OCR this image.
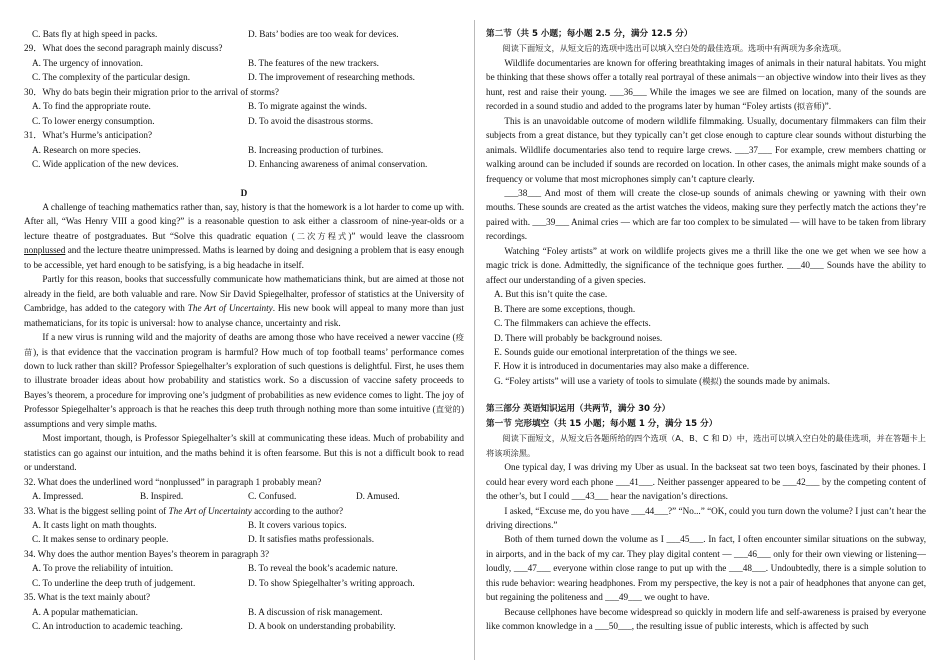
C. Bats fly at high speed in packs.	D. Bats’ bodies are too weak for devices.

29．What does the second paragraph mainly discuss?

A. The urgency of innovation.	B. The features of the new trackers.
C. The complexity of the particular design.	D. The improvement of researching methods.

30．Why do bats begin their migration prior to the arrival of storms?

A. To find the appropriate route.	B. To migrate against the winds.
C. To lower energy consumption.	D. To avoid the disastrous storms.

31．What’s Hurme’s anticipation?

A. Research on more species.	B. Increasing production of turbines.
C. Wide application of the new devices.	D. Enhancing awareness of animal conservation.

D

A challenge of teaching mathematics rather than, say, history is that the homework is a lot harder to come up with. After all, “Was Henry VIII a good king?” is a reasonable question to ask either a classroom of nine-year-olds or a lecture theatre of postgraduates. But “Solve this quadratic equation (二次方程式)” would leave the classroom nonplussed and the lecture theatre unimpressed. Maths is learned by doing and designing a problem that is easy enough to be accessible, yet hard enough to be satisfying, is a big headache in itself.

Partly for this reason, books that successfully communicate how mathematicians think, but are aimed at those not already in the field, are both valuable and rare. Now Sir David Spiegelhalter, professor of statistics at the University of Cambridge, has added to the category with The Art of Uncertainty. His new book will appeal to many more than just mathematicians, for its topic is universal: how to analyse chance, uncertainty and risk.

If a new virus is running wild and the majority of deaths are among those who have received a newer vaccine (疫苗), is that evidence that the vaccination program is harmful? How much of top football teams’ performance comes down to luck rather than skill? Professor Spiegelhalter’s exploration of such questions is delightful. First, he uses them to illustrate broader ideas about how probability and statistics work. So a discussion of vaccine safety proceeds to Bayes’s theorem, a procedure for improving one’s judgment of probabilities as new evidence comes to light. The joy of Professor Spiegelhalter’s approach is that he reaches this deep truth through nothing more than some intuitive (直觉的) assumptions and very simple maths.

Most important, though, is Professor Spiegelhalter’s skill at communicating these ideas. Much of probability and statistics can go against our intuition, and the maths behind it is often fearsome. But this is not a difficult book to read or understand.

32. What does the underlined word “nonplussed” in paragraph 1 probably mean?

A. Impressed.	B. Inspired.	C. Confused.	D. Amused.

33. What is the biggest selling point of The Art of Uncertainty according to the author?

A. It casts light on math thoughts.	B. It covers various topics.
C. It makes sense to ordinary people.	D. It satisfies maths professionals.

34. Why does the author mention Bayes’s theorem in paragraph 3?

A. To prove the reliability of intuition.	B. To reveal the book’s academic nature.
C. To underline the deep truth of judgement.	D. To show Spiegelhalter’s writing approach.

35. What is the text mainly about?

A. A popular mathematician.	B. A discussion of risk management.
C. An introduction to academic teaching.	D. A book on understanding probability.

第二节（共 5 小题；每小题 2.5 分，满分 12.5 分）

阅读下面短文，从短文后的选项中选出可以填入空白处的最佳选项。选项中有两项为多余选项。

Wildlife documentaries are known for offering breathtaking images of animals in their natural habitats. You might be thinking that these shows offer a totally real portrayal of these animals－an objective window into their lives as they hunt, rest and raise their young. ___36___ While the images we see are filmed on location, many of the sounds are recorded in a sound studio and added to the programs later by human “Foley artists (拟音师)”.

This is an unavoidable outcome of modern wildlife filmmaking. Usually, documentary filmmakers can film their subjects from a great distance, but they typically can’t get close enough to capture clear sounds without disturbing the animals. Wildlife documentaries also tend to require large crews. ___37___ For example, crew members chatting or walking around can be included if sounds are recorded on location. In other cases, the animals might make sounds of a frequency or volume that most microphones simply can’t capture clearly.

___38___ And most of them will create the close-up sounds of animals chewing or yawning with their own mouths. These sounds are created as the artist watches the videos, making sure they perfectly match the actions they’re paired with. ___39___ Animal cries — which are far too complex to be simulated — will have to be taken from library recordings.

Watching “Foley artists” at work on wildlife projects gives me a thrill like the one we get when we see how a magic trick is done. Admittedly, the significance of the technique goes further. ___40___ Sounds have the ability to affect our understanding of a given species.

A. But this isn’t quite the case.

B. There are some exceptions, though.

C. The filmmakers can achieve the effects.

D. There will probably be background noises.

E. Sounds guide our emotional interpretation of the things we see.

F. How it is introduced in documentaries may also make a difference.

G. “Foley artists” will use a variety of tools to simulate (模拟) the sounds made by animals.

第三部分 英语知识运用（共两节，满分 30 分）

第一节 完形填空（共 15 小题；每小题 1 分，满分 15 分）

阅读下面短文，从短文后各题所给的四个选项（A、B、C 和 D）中，选出可以填入空白处的最佳选项，并在答题卡上将该项涂黑。

One typical day, I was driving my Uber as usual. In the backseat sat two teen boys, fascinated by their phones. I could hear every word each phone ___41___. Neither passenger appeared to be ___42___ by the competing content of the other’s, but I could ___43___ hear the navigation’s directions.

I asked, “Excuse me, do you have ___44___?” “No...” “OK, could you turn down the volume? I just can’t hear the driving directions.”

Both of them turned down the volume as I ___45___. In fact, I often encounter similar situations on the subway, in airports, and in the back of my car. They play digital content — ___46___ only for their own viewing or listening—loudly, ___47___ everyone within close range to put up with the ___48___. Undoubtedly, there is a simple solution to this rude behavior: wearing headphones. From my perspective, the key is not a pair of headphones that anyone can get, but regaining the politeness and ___49___ we ought to have.

Because cellphones have become widespread so quickly in modern life and self-awareness is praised by everyone like common knowledge in a ___50___, the resulting issue of public interests, which is affected by such
